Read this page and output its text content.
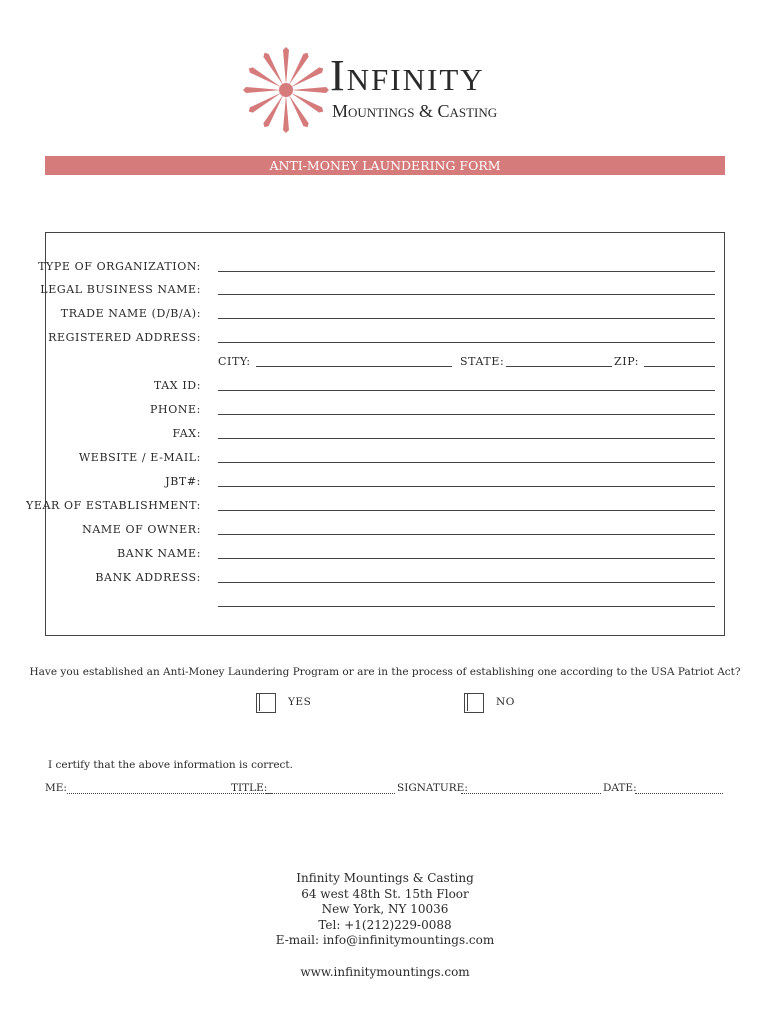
Infinity
Mountings & Casting
ANTI-MONEY LAUNDERING FORM
TYPE OF ORGANIZATION:
LEGAL BUSINESS NAME:
TRADE NAME (D/B/A):
REGISTERED ADDRESS:
CITY:	STATE:	ZIP:
TAX ID:
PHONE:
FAX:
WEBSITE / E-MAIL:
JBT#:
YEAR OF ESTABLISHMENT:
NAME OF OWNER:
BANK NAME:
BANK ADDRESS:
Have you established an Anti-Money Laundering Program or are in the process of establishing one according to the USA Patriot Act?
YES	NO
I certify that the above information is correct.
ME:	TITLE:	SIGNATURE:	DATE:
Infinity Mountings & Casting
64 west 48th St. 15th Floor
New York, NY 10036
Tel: +1(212)229-0088
E-mail: info@infinitymountings.com
www.infinitymountings.com
